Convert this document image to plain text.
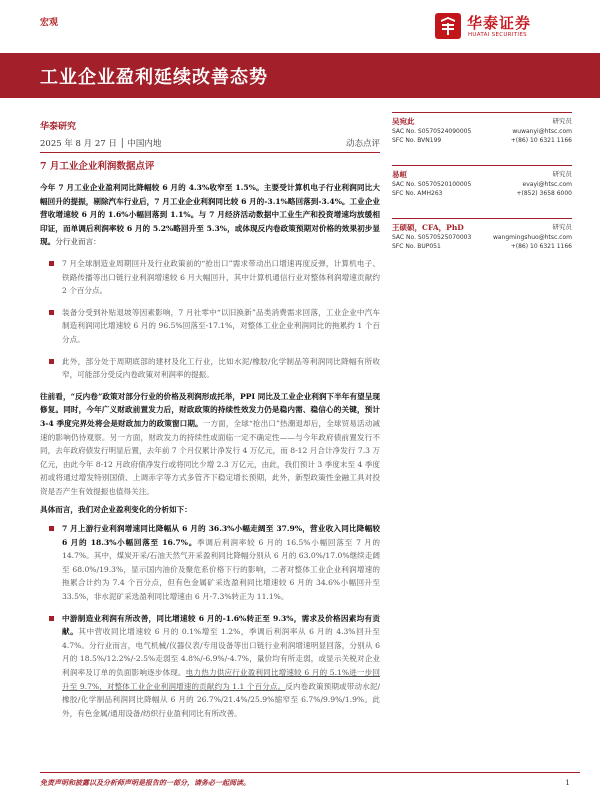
宏观	华泰证券
HUATAI SECURITIES
工业企业盈利延续改善态势
华泰研究
2025 年 8 月 27 日 │ 中国内地	动态点评
7 月工业企业利润数据点评

今年 7 月工业企业盈利同比降幅较 6 月的 4.3%收窄至 1.5%。主要受计算机电子行业利润同比大幅回升的提振，剔除汽车行业后，7 月工业企业利润同比较 6 月的-3.1%略回落到-3.4%。工业企业营收增速较 6 月的 1.6%小幅回落到 1.1%。与 7 月经济活动数据中工业生产和投资增速均放缓相印证，而单调后利润率较 6 月的 5.2%略回升至 5.3%，或体现反内卷政策预期对价格的效果初步显现。分行业而言：

7 月全球制造业周期回升及行业政策前的“抢出口”需求带动出口增速再度反弹，计算机电子、铁路传播等出口链行业利润增速较 6 月大幅回升，其中计算机通信行业对整体利润增速贡献约 2 个百分点。
装备分受到补贴退坡等因素影响，7 月社零中“以旧换新”品类消费需求回落，工业企业中汽车制造利润同比增速较 6 月的 96.5%回落至-17.1%，对整体工业企业利润同比的拖累约 1 个百分点。
此外，部分处于周期底部的建材及化工行业，比如水泥/橡胶/化学制品等利润同比降幅有所收窄，可能部分受反内卷政策对利润率的提振。

往前看，“反内卷”政策对部分行业的价格及利润形成托举，PPI 同比及工业企业利润下半年有望呈现修复。同时，今年广义财政前置发力后，财政政策的持续性效发力仍是稳内需、稳信心的关键，预计 3-4 季度完界处将会是财政加力的政策窗口期。一方面，全球“抢出口”热潮退却后，全球贸易活动减速的影响仍待观察。另一方面，财政发力的持续性或面临一定不确定性——与今年政府债前置发行不同，去年政府债发行明显后置，去年前 7 个月仅累计净发行 4 万亿元，而 8-12 月合计净发行 7.3 万亿元，由此今年 8-12 月政府债净发行或将同比少增 2.3 万亿元，由此，我们预计 3 季度末至 4 季度初或将通过增发特别国债、上调赤字等方式多管齐下稳定增长预期，此外，新型政策性金融工具对投资是否产生有效提振也值得关注。

具体而言，我们对企业盈利变化的分析如下：

7 月上游行业利润增速同比降幅从 6 月的 36.3%小幅走阔至 37.9%，营业收入同比降幅较 6 月的 18.3%小幅回落至 16.7%。季调后利润率较 6 月的 16.5%小幅回落至 7 月的 14.7%。其中，煤炭开采/石油天然气开采盈利同比降幅分别从 6 月的 63.0%/17.0%继续走阔至 68.0%/19.3%，显示国内油价及聚危系价格下行的影响，二者对整体工业企业利润增速的拖累合计约为 7.4 个百分点，但有色金属矿采选盈利同比增速较 6 月的 34.6%小幅回升至 33.5%，非水泥矿采选盈利同比增速由 6 月-7.3%转正为 11.1%。
中游制造业利润有所改善，同比增速较 6 月的-1.6%转正至 9.3%，需求及价格因素均有贡献。其中营收同比增速较 6 月的 0.1%增至 1.2%，季调后利润率从 6 月的 4.3%回升至 4.7%。分行业而言，电气机械/仪器仪表/专用设备等出口链行业利润增速明显回落，分别从 6 月的 18.5%/12.2%/-2.5%走弱至 4.8%/-6.9%/-4.7%，量价均有所走弱，或显示关税对企业利润率及订单的负面影响逐步体现。电力热力供应行业盈利同比增速较 6 月的 5.1%进一步回升至 9.7%，对整体工业企业利润增速的贡献约为 1.1 个百分点。反内卷政策预期或带动水泥/橡胶/化学制品利润同比降幅从 6 月的 26.7%/21.4%/25.9%缩窄至 6.7%/9.9%/1.9%。此外，有色金属/通用设备/纺织行业盈利同比有所改善。
吴宛此	研究员
SAC No. S0570524090005	wuwanyi@htsc.com
SFC No. BVN199	+(86) 10 6321 1166
易峘	研究员
SAC No. S0570520100005	evayi@htsc.com
SFC No. AMH263	+(852) 3658 6000
王硕硕，CFA，PhD	研究员
SAC No. S0570525070003	wangmingshuo@htsc.com
SFC No. BUP051	+(86) 10 6321 1166
免责声明和披露以及分析师声明是报告的一部分，请务必一起阅读。	1
